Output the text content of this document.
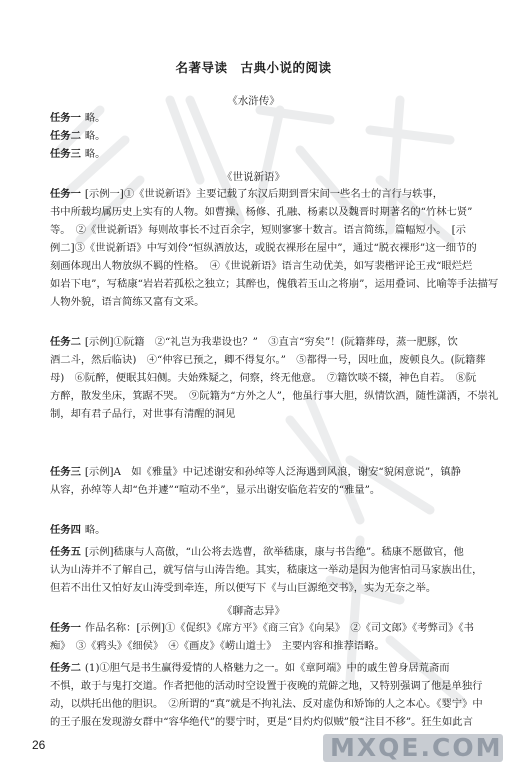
名著导读　古典小说的阅读
《水浒传》
任务一 略。
任务二 略。
任务三 略。
《世说新语》
任务一 [示例一]①《世说新语》主要记载了东汉后期到晋宋间一些名士的言行与轶事，
书中所载均属历史上实有的人物。如曹操、杨修、孔融、杨素以及魏晋时期著名的“竹林七贤”
等。　②《世说新语》每则故事长不过百余字，短则寥寥十数言。语言简练，篇幅短小。　[示
例二]③《世说新语》中写刘伶“恒纵酒放达，或脱衣裸形在屋中”，通过“脱衣裸形”这一细节的
刻画体现出人物放纵不羁的性格。　④《世说新语》语言生动优美，如写裴楷评论王戎“眼烂烂
如岩下电”，写嵇康“岩岩若孤松之独立；其醉也，傀俄若玉山之将崩”，运用叠词、比喻等手法描写
人物外貌，语言简练又富有文采。
任务二 [示例]①阮籍　②“礼岂为我辈设也？”　③直言“穷矣”！(阮籍葬母，蒸一肥豚，饮
酒二斗，然后临诀)　④“仲容已预之，卿不得复尔。”　⑤都得一号，因吐血，废顿良久。(阮籍葬
母)　⑥阮醉，便眠其妇侧。夫始殊疑之，伺察，终无他意。　⑦籍饮啖不辍，神色自若。　⑧阮
方醉，散发坐床，箕踞不哭。　⑨阮籍为“方外之人”，他虽行事大胆，纵情饮酒，随性潇洒，不崇礼
制，却有君子品行，对世事有清醒的洞见
任务三 [示例]A　如《雅量》中记述谢安和孙绰等人泛海遇到风浪，谢安“貌闲意说”，镇静
从容，孙绰等人却“色并遽”“喧动不坐”，显示出谢安临危若安的“雅量”。
任务四 略。
任务五 [示例]嵇康与人高傲，“山公将去选曹，欲举嵇康，康与书告绝”。嵇康不愿做官，他
认为山涛并不了解自己，就写信与山涛告绝。其实，嵇康这一举动是因为他害怕司马家族出仕，
但若不出仕又怕好友山涛受到牵连，所以便写下《与山巨源绝交书》，实为无奈之举。
《聊斋志异》
任务一 作品名称：[示例]①《促织》《席方平》《商三官》《向杲》　②《司文郎》《考弊司》《书
痴》　③《鸦头》《细侯》　④《画皮》《崂山道士》　主要内容和推荐语略。
任务二 (1)①胆气是书生赢得爱情的人格魅力之一。如《章阿端》中的戚生曾身居荒斋而
不惧，敢于与鬼打交道。作者把他的活动时空设置于夜晚的荒僻之地，又特别强调了他是单独行
动，以烘托出他的胆识。　②所谓的“真”就是不拘礼法、反对虚伪和矫饰的人之本心。《婴宁》中
的王子服在发现游女群中“容华绝代”的婴宁时，更是“目灼灼似贼”般“注目不移”。狂生如此言
26	MXQE.COM
